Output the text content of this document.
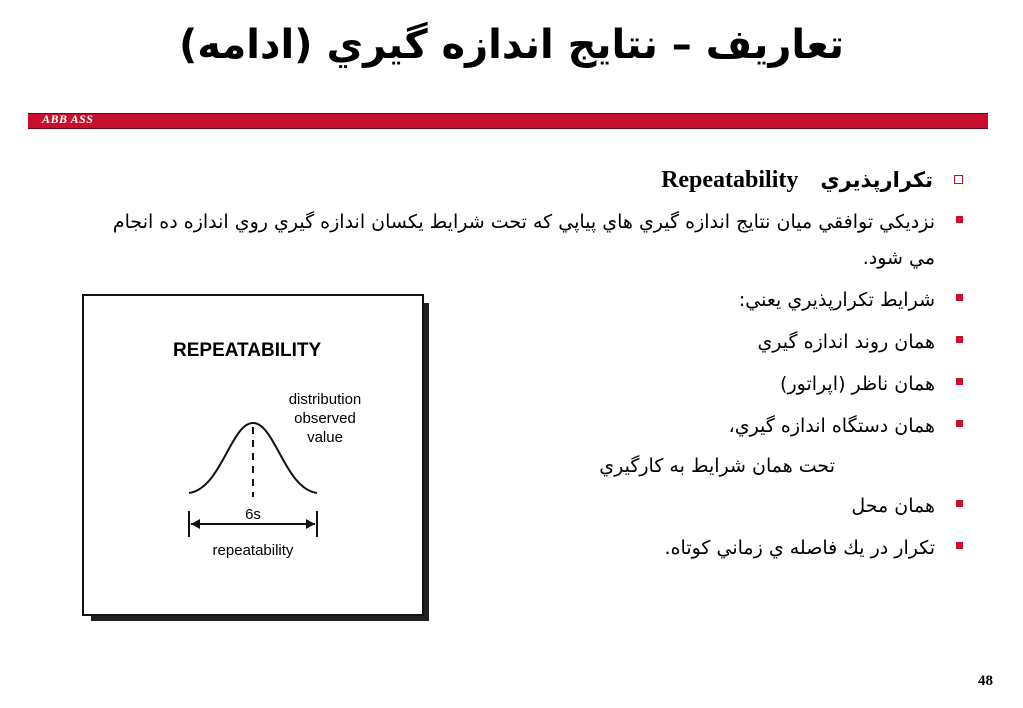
تعاريف – نتايج اندازه گيري (ادامه)
ABB ASS
تكرارپذيري   Repeatability
نزديكي توافقي ميان نتايج اندازه گيري هاي پياپي كه تحت شرايط يكسان اندازه گيري روي اندازه ده انجام مي شود.
شرايط تكرارپذيري يعني:
همان روند اندازه گيري
همان ناظر (اپراتور)
همان دستگاه اندازه گيري،
تحت همان شرايط به كارگيري
همان محل
تكرار در يك فاصله ي زماني كوتاه.
REPEATABILITY
distribution
observed
value
6s
repeatability
48
